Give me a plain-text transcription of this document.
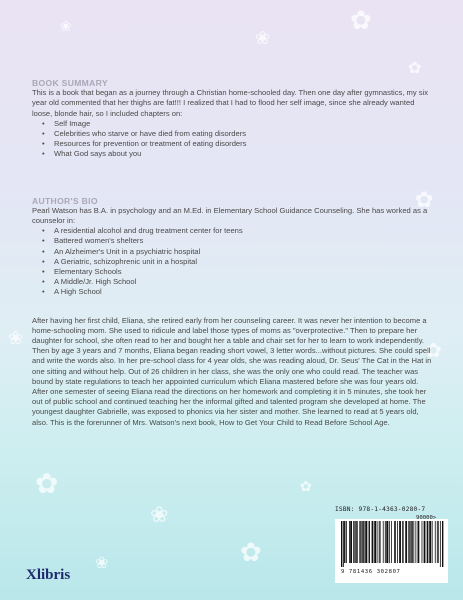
✿
❀
✿
❀
✿
❀	✿
✿
❀
✿
❀
✿
BOOK SUMMARY

This is a book that began as a journey through a Christian home-schooled day. Then one day after gymnastics, my six year old commented that her thighs are fat!!! I realized that I had to flood her self image, since she already wanted loose, blonde hair, so I included chapters on:

• Self Image
• Celebrities who starve or have died from eating disorders
• Resources for prevention or treatment of eating disorders
• What God says about you
AUTHOR'S BIO

Pearl Watson has B.A. in psychology and an M.Ed. in Elementary School Guidance Counseling. She has worked as a counselor in:

• A residential alcohol and drug treatment center for teens
• Battered women's shelters
• An Alzheimer's Unit in a psychiatric hospital
• A Geriatric, schizophrenic unit in a hospital
• Elementary Schools
• A Middle/Jr. High School
• A High School

After having her first child, Eliana, she retired early from her counseling career. It was never her intention to become a home-schooling mom. She used to ridicule and label those types of moms as "overprotective." Then to prepare her daughter for school, she often read to her and bought her a table and chair set for her to learn to work independently. Then by age 3 years and 7 months, Eliana began reading short vowel, 3 letter words...without pictures. She could spell and write the words also. In her pre-school class for 4 year olds, she was reading aloud, Dr. Seus' The Cat in the Hat in one sitting and without help. Out of 26 children in her class, she was the only one who could read. The teacher was bound by state regulations to teach her appointed curriculum which Eliana mastered before she was four years old. After one semester of seeing Eliana read the directions on her homework and completing it in 5 minutes, she took her out of public school and continued teaching her the informal gifted and talented program she developed at home. The youngest daughter Gabrielle, was exposed to phonics via her sister and mother. She learned to read at 5 years old, also. This is the forerunner of Mrs. Watson's next book, How to Get Your Child to Read Before School Age.

Xlibris
ISBN: 978-1-4363-0280-7
90000>
9 781436 302807
